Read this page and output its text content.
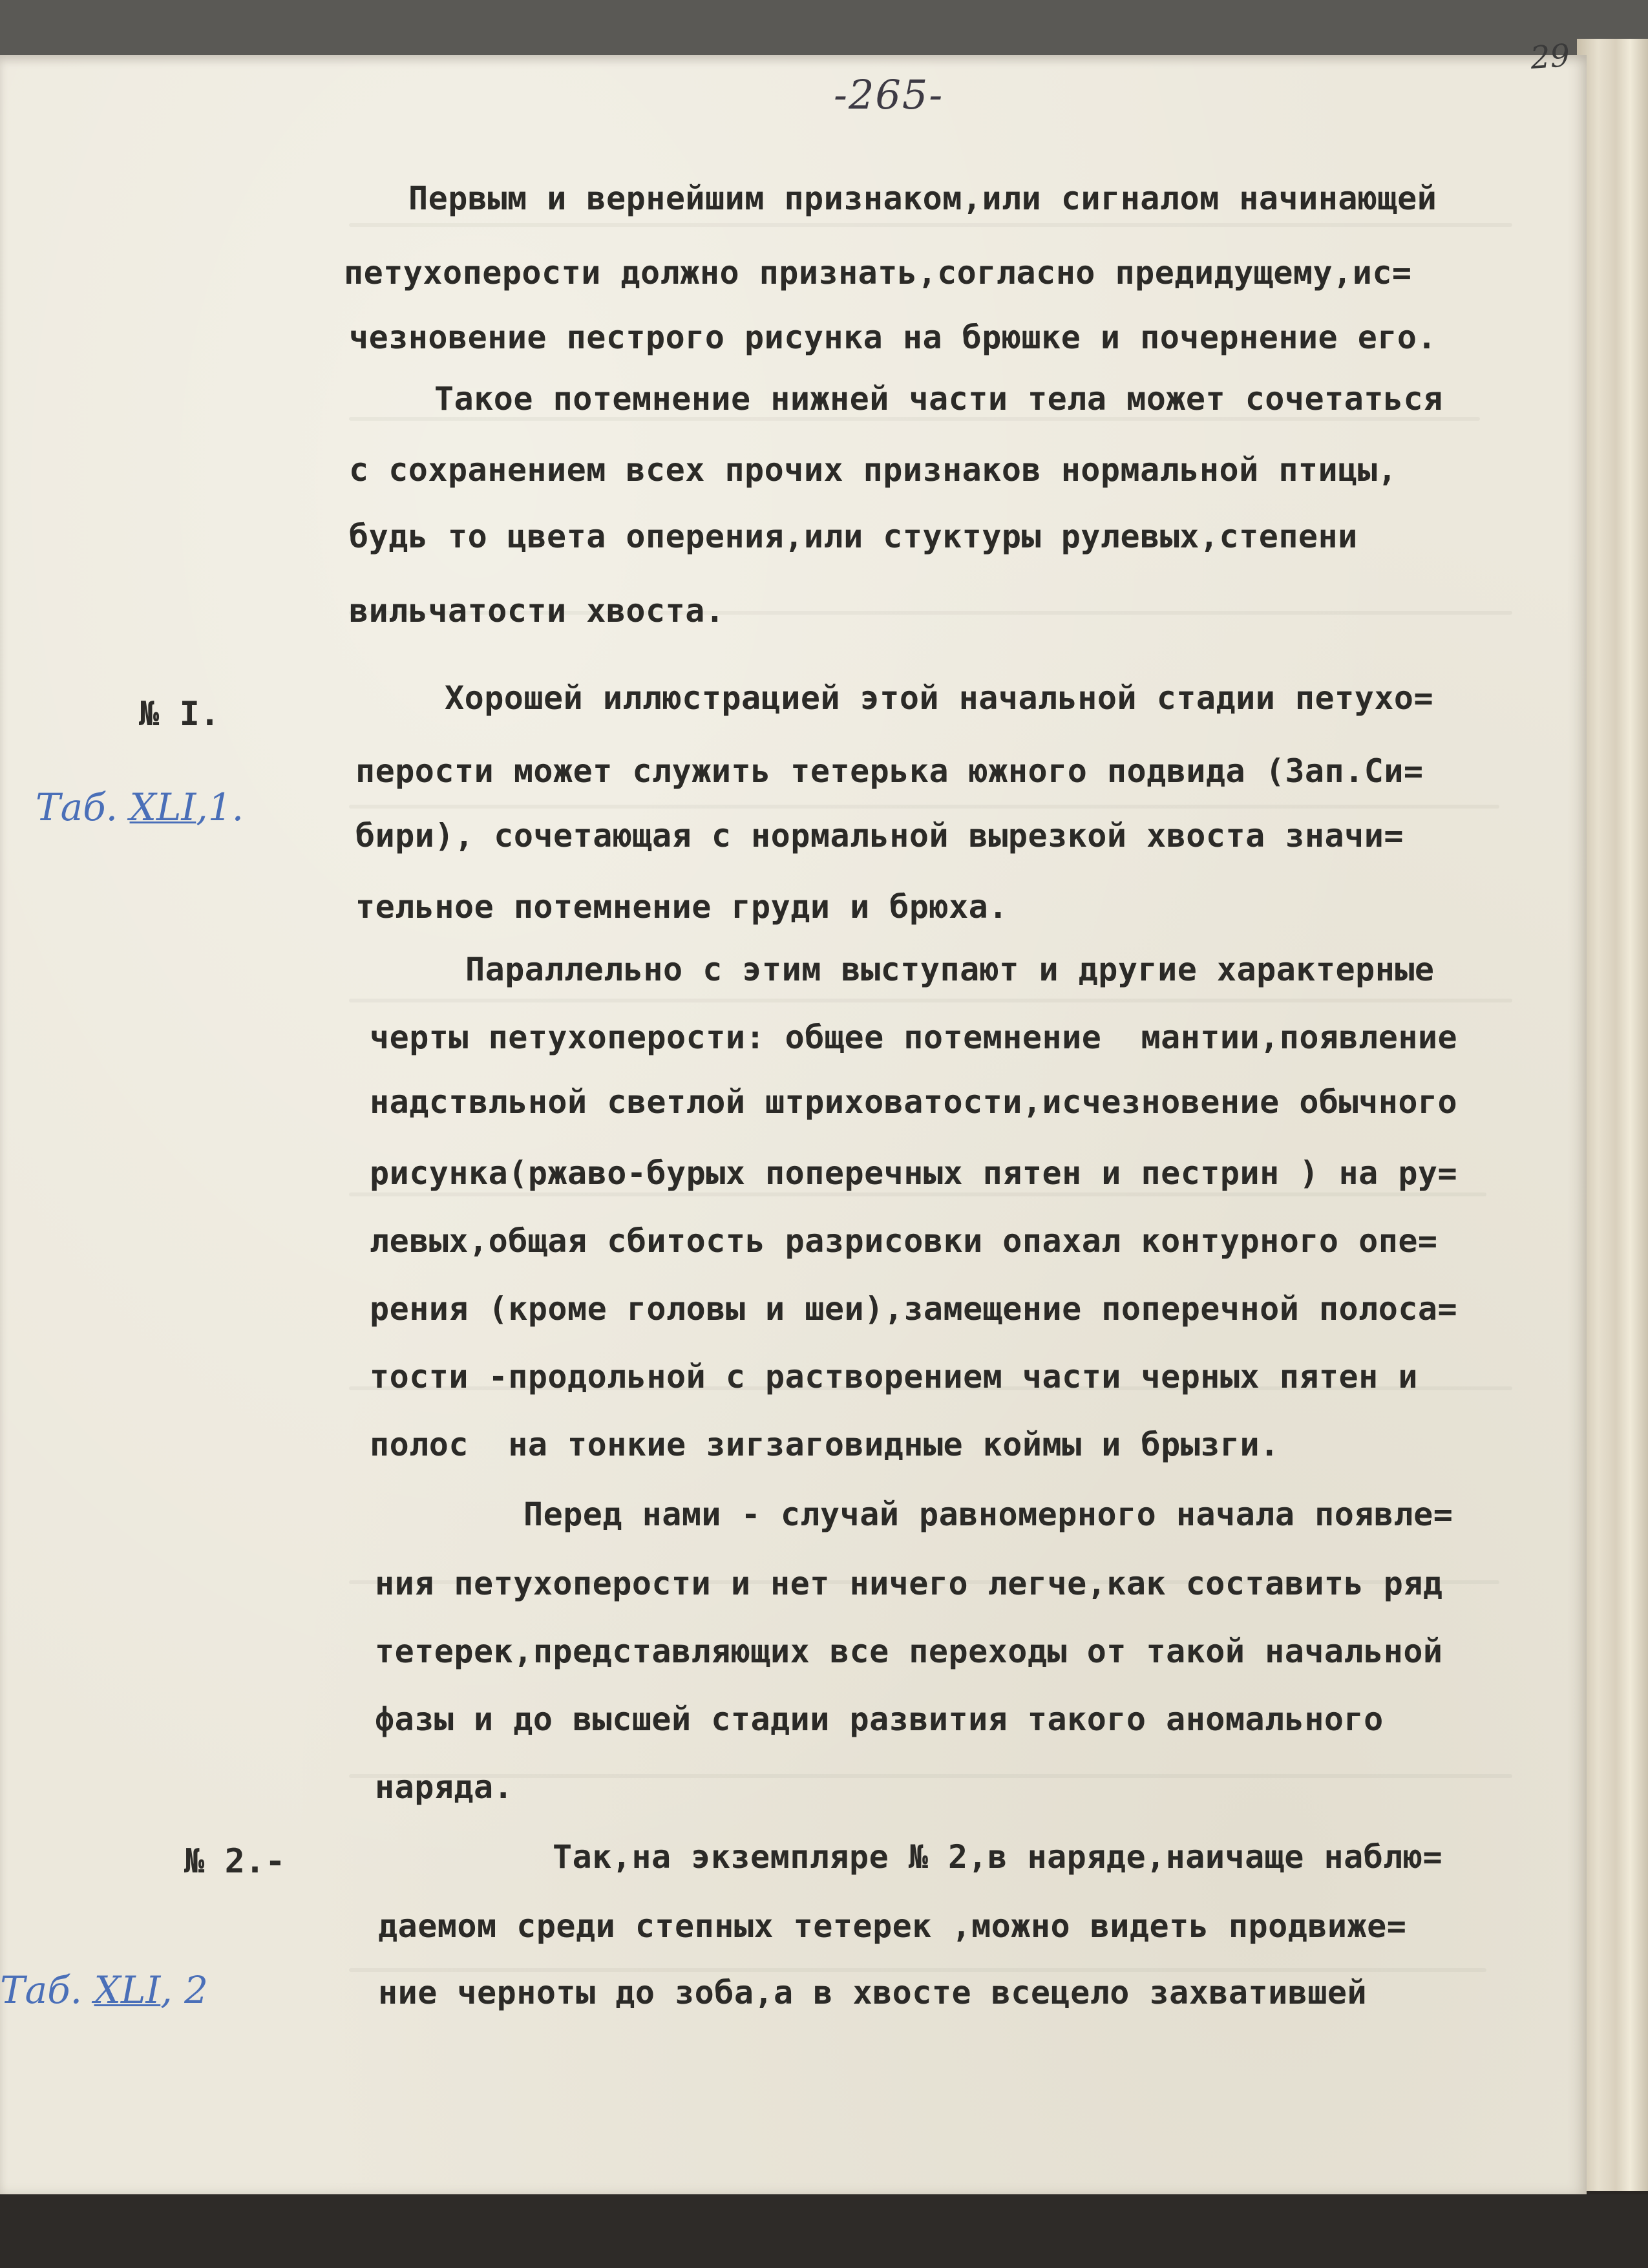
-265-
29
№ I.
Таб. XLI,1.
№ 2.-
Таб. XLI, 2

Первым и вернейшим признаком,или сигналом начинающей

петухоперости должно признать,согласно предидущему,ис=

чезновение пестрого рисунка на брюшке и почернение его.

Такое потемнение нижней части тела может сочетаться

с сохранением всех прочих признаков нормальной птицы,

будь то цвета оперения,или стуктуры рулевых,степени

вильчатости хвоста.

Хорошей иллюстрацией этой начальной стадии петухо=

перости может служить тетерька южного подвида (Зап.Си=

бири), сочетающая с нормальной вырезкой хвоста значи=

тельное потемнение груди и брюха.

Параллельно с этим выступают и другие характерные

черты петухоперости: общее потемнение  мантии,появление

надствльной светлой штриховатости,исчезновение обычного

рисунка(ржаво-бурых поперечных пятен и пестрин ) на ру=

левых,общая сбитость разрисовки опахал контурного опе=

рения (кроме головы и шеи),замещение поперечной полоса=

тости -продольной с растворением части черных пятен и

полос  на тонкие зигзаговидные коймы и брызги.

Перед нами - случай равномерного начала появле=

ния петухоперости и нет ничего легче,как составить ряд

тетерек,представляющих все переходы от такой начальной

фазы и до высшей стадии развития такого аномального

наряда.

Так,на экземпляре № 2,в наряде,наичаще наблю=

даемом среди степных тетерек ,можно видеть продвиже=

ние черноты до зоба,а в хвосте всецело захватившей
